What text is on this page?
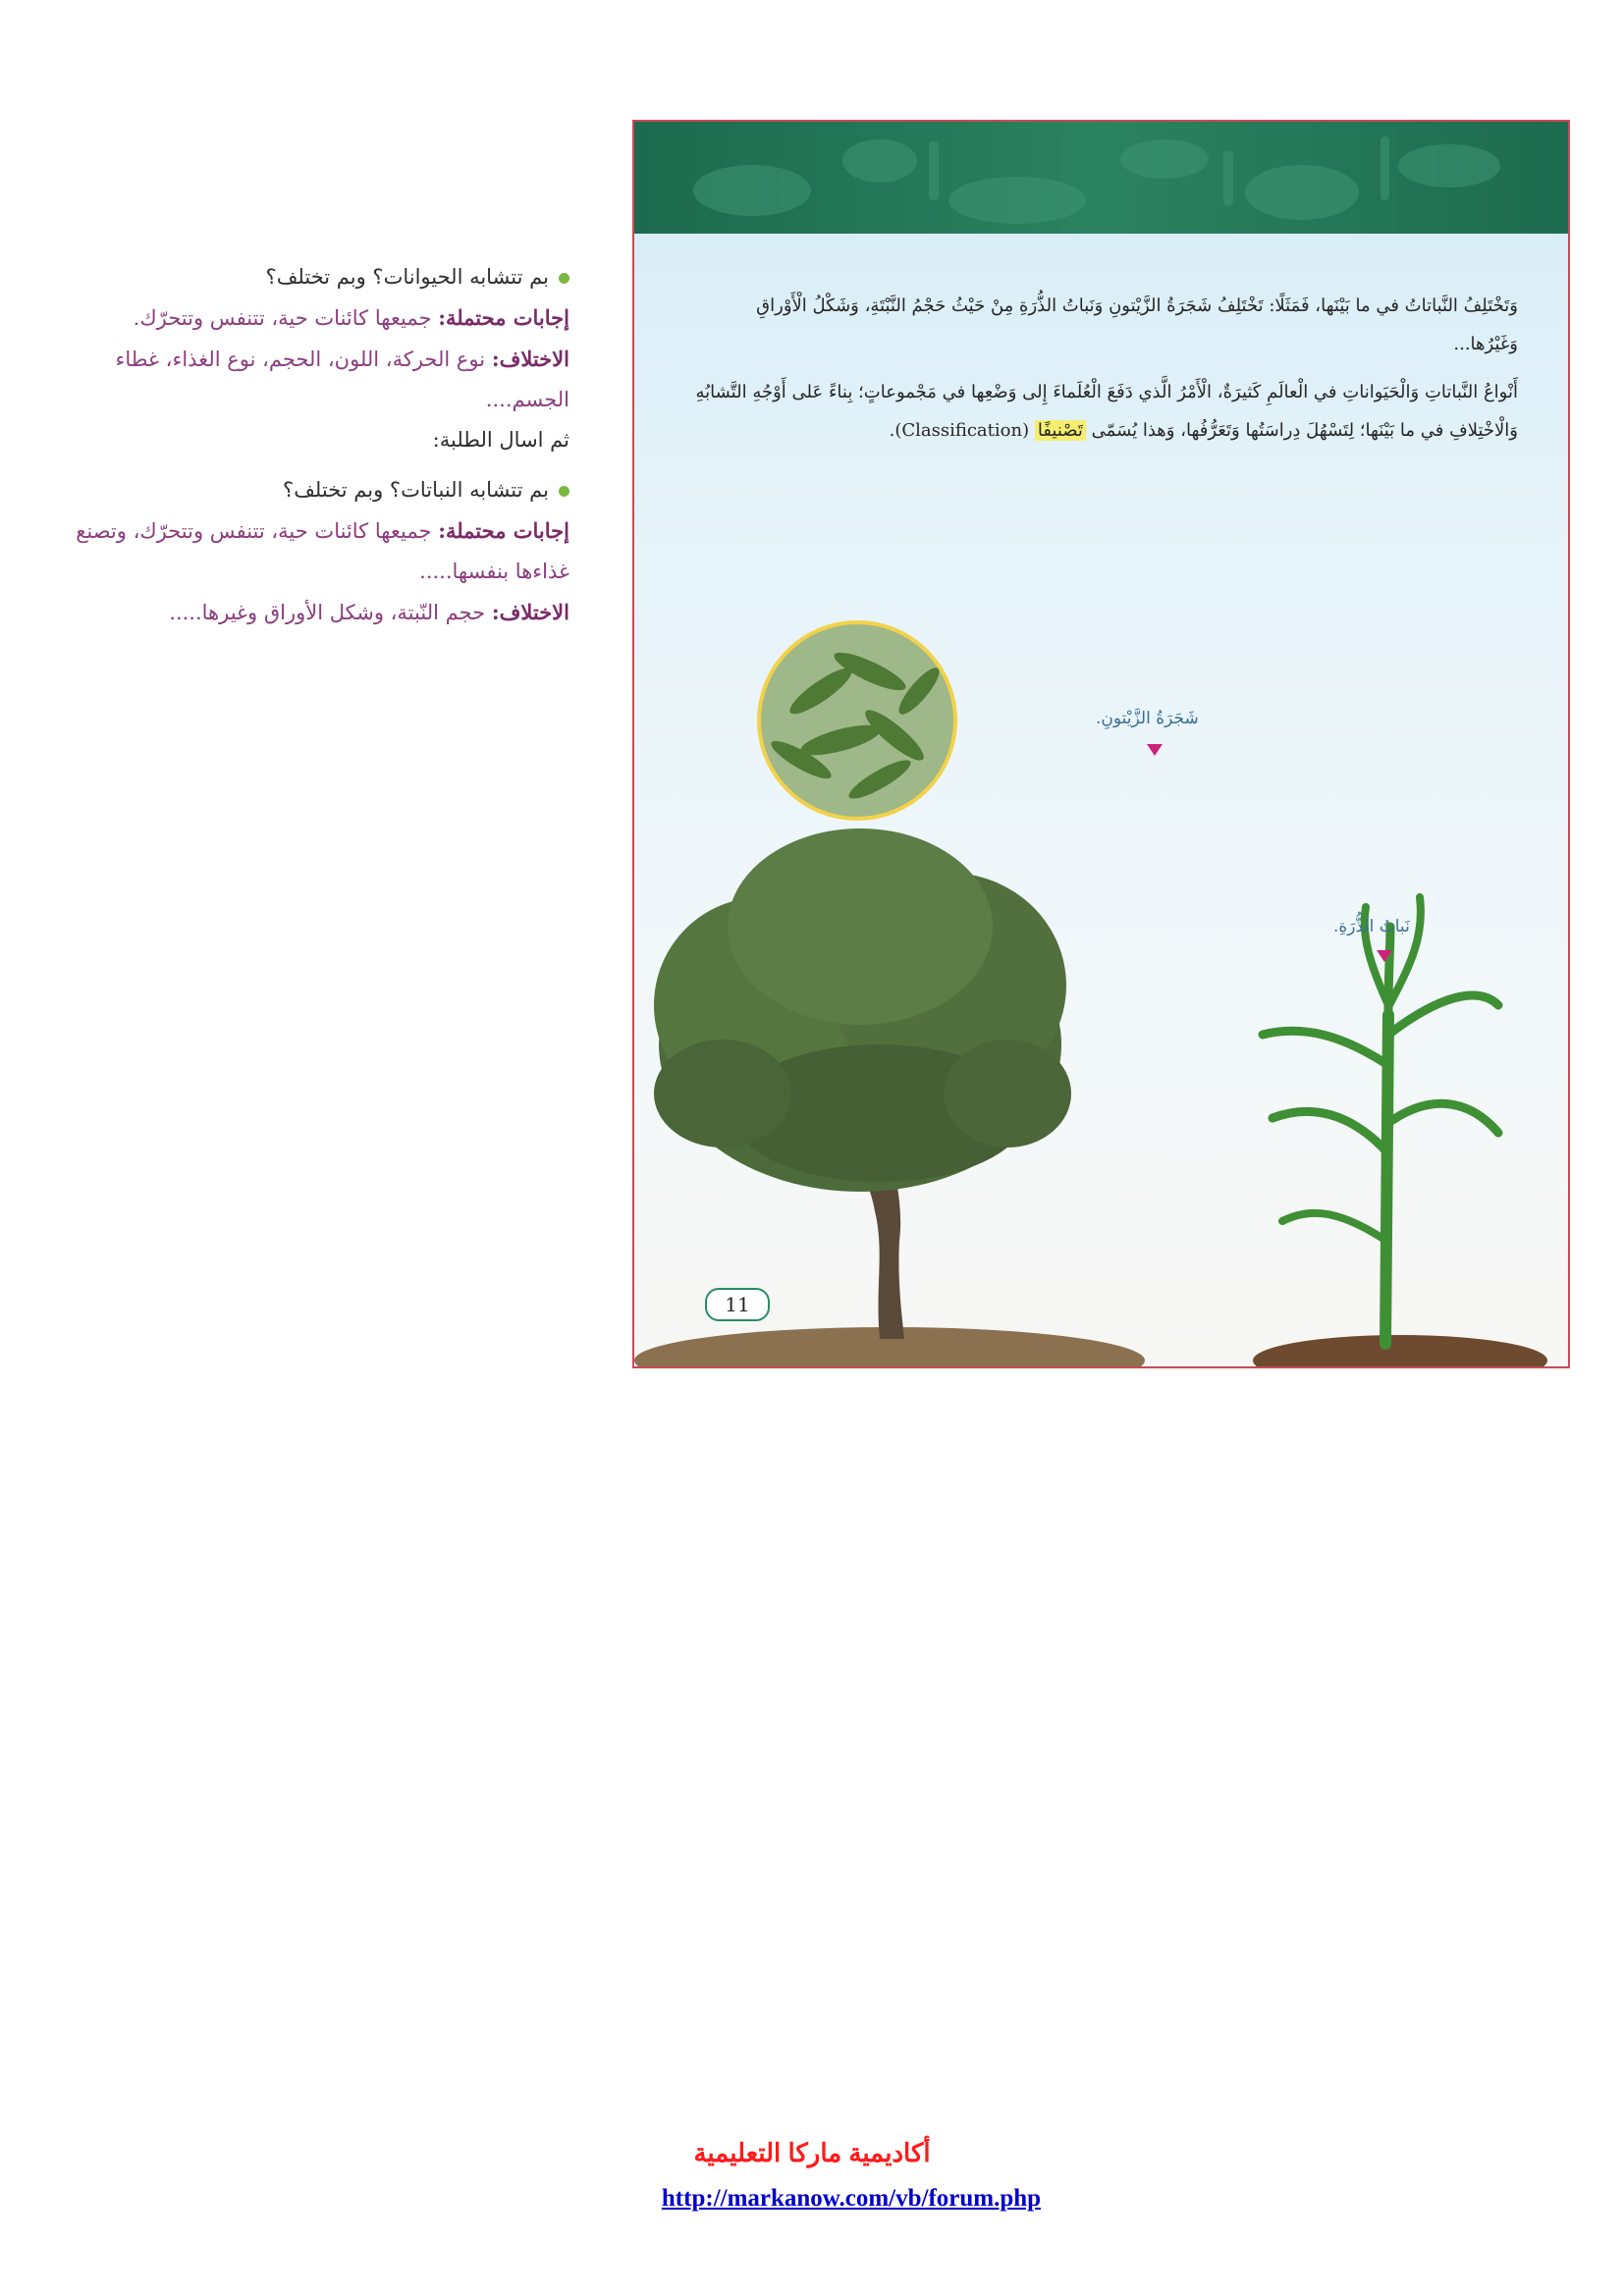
بم تتشابه الحيوانات؟ وبم تختلف؟
إجابات محتملة: جميعها كائنات حية، تتنفس وتتحرّك.
الاختلاف: نوع الحركة، اللون، الحجم، نوع الغذاء، غطاء الجسم....
ثم اسال الطلبة:
بم تتشابه النباتات؟ وبم تختلف؟
إجابات محتملة: جميعها كائنات حية، تتنفس وتتحرّك، وتصنع غذاءها بنفسها.....
الاختلاف: حجم النّبتة، وشكل الأوراق وغيرها.....

وَتَخْتَلِفُ النَّباتاتُ في ما بَيْنَها، فَمَثَلًا: تَخْتَلِفُ شَجَرَةُ الزَّيْتونِ وَنَباتُ الذُّرَةِ مِنْ حَيْثُ حَجْمُ النَّبْتَةِ، وَشَكْلُ الْأَوْراقِ وَغَيْرُها...

أَنْواعُ النَّباتاتِ وَالْحَيَواناتِ في الْعالَمِ كَثيرَةٌ، الْأَمْرُ الَّذي دَفَعَ الْعُلَماءَ إِلى وَضْعِها في مَجْموعاتٍ؛ بِناءً عَلى أَوْجُهِ التَّشابُهِ وَالْاخْتِلافِ في ما بَيْنَها؛ لِتَسْهُلَ دِراسَتُها وَتَعَرُّفُها، وَهذا يُسَمّى تَصْنيفًا (Classification).

شَجَرَةُ الزَّيْتونِ.
نَباتُ الذُّرَةِ.
11
أكاديمية ماركا التعليمية
http://markanow.com/vb/forum.php
